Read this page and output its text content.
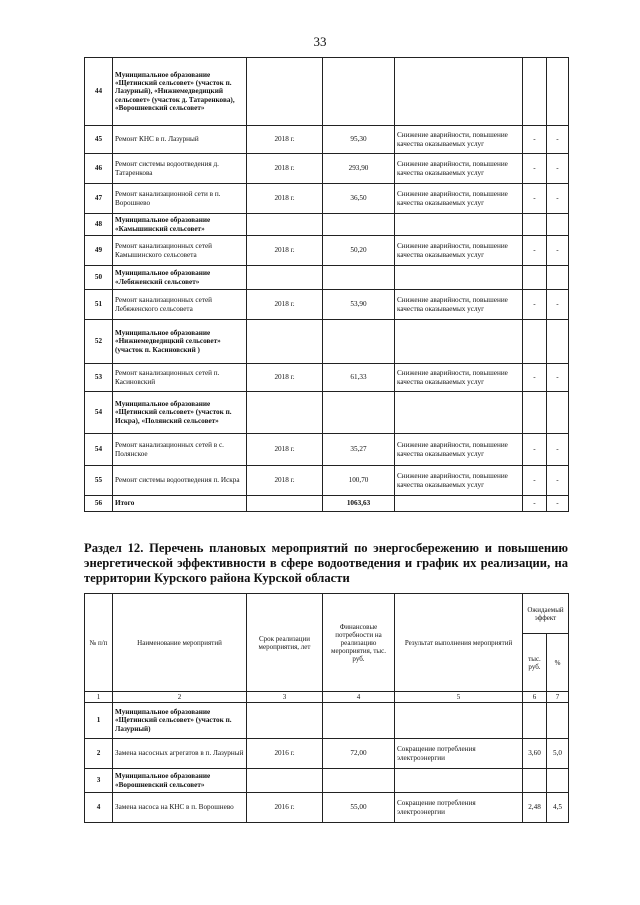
33
44	Муниципальное образование «Щетинский сельсовет» (участок п. Лазурный), «Нижнемедведицкий сельсовет» (участок д. Татаренкова), «Ворошневский сельсовет»					
45	Ремонт КНС в п. Лазурный	2018 г.	95,30	Снижение аварийности, повышение качества оказываемых услуг	-	-
46	Ремонт системы водоотведения д. Татаренкова	2018 г.	293,90	Снижение аварийности, повышение качества оказываемых услуг	-	-
47	Ремонт канализационной сети в п. Ворошнево	2018 г.	36,50	Снижение аварийности, повышение качества оказываемых услуг	-	-
48	Муниципальное образование «Камышинский сельсовет»					
49	Ремонт канализационных сетей Камышинского сельсовета	2018 г.	50,20	Снижение аварийности, повышение качества оказываемых услуг	-	-
50	Муниципальное образование «Лебяженский сельсовет»					
51	Ремонт канализационных сетей Лебяженского сельсовета	2018 г.	53,90	Снижение аварийности, повышение качества оказываемых услуг	-	-
52	Муниципальное образование «Нижнемедведицкий сельсовет» (участок п. Касиновский )					
53	Ремонт канализационных сетей п. Касиновский	2018 г.	61,33	Снижение аварийности, повышение качества оказываемых услуг	-	-
54	Муниципальное образование «Щетинский сельсовет» (участок п. Искра), «Полянский сельсовет»					
54	Ремонт канализационных сетей в с. Полянское	2018 г.	35,27	Снижение аварийности, повышение качества оказываемых услуг	-	-
55	Ремонт системы водоотведения п. Искра	2018 г.	100,70	Снижение аварийности, повышение качества оказываемых услуг	-	-
56	Итого		1063,63		-	-
Раздел 12. Перечень плановых мероприятий по энергосбережению и повышению энергетической эффективности в сфере водоотведения и график их реализации, на территории Курского района Курской области
№ п/п	Наименование мероприятий	Срок реализации мероприятия, лет	Финансовые потребности на реализацию мероприятия, тыс. руб.	Результат выполнения мероприятий	Ожидаемый эффект	
					тыс. руб.	%
1	2	3	4	5	6	7
1	Муниципальное образование «Щетинский сельсовет» (участок п. Лазурный)					
2	Замена насосных агрегатов в п. Лазурный	2016 г.	72,00	Сокращение потребления электроэнергии	3,60	5,0
3	Муниципальное образование «Ворошневский сельсовет»					
4	Замена насоса на КНС в п. Ворошнево	2016 г.	55,00	Сокращение потребления электроэнергии	2,48	4,5
